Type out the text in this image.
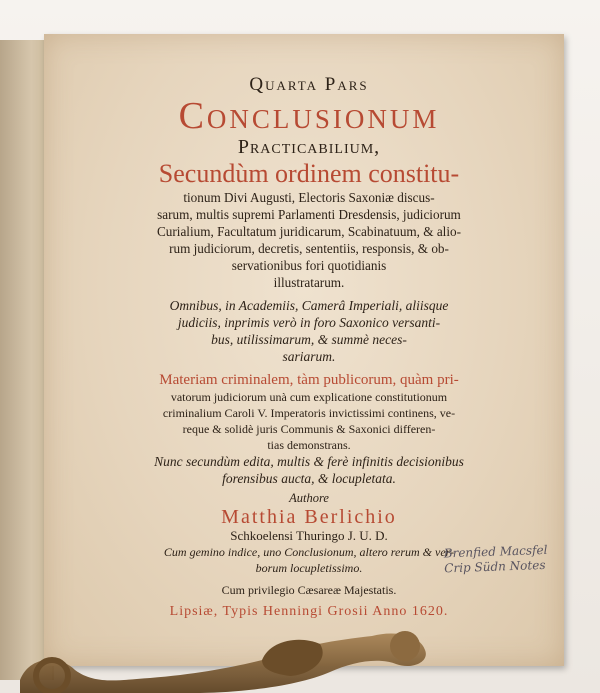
Quarta Pars
Conclusionum
Practicabilium,
Secundùm ordinem constitu-
tionum Divi Augusti, Electoris Saxoniæ discus-
sarum, multis supremi Parlamenti Dresdensis, judiciorum
Curialium, Facultatum juridicarum, Scabinatuum, & alio-
rum judiciorum, decretis, sententiis, responsis, & ob-
servationibus fori quotidianis
illustratarum.
Omnibus, in Academiis, Camerâ Imperiali, aliisque
judiciis, inprimis verò in foro Saxonico versanti-
bus, utilissimarum, & summè neces-
sariarum.
Materiam criminalem, tàm publicorum, quàm pri-
vatorum judiciorum unà cum explicatione constitutionum
criminalium Caroli V. Imperatoris invictissimi continens, ve-
reque & solidè juris Communis & Saxonici differen-
tias demonstrans.
Nunc secundùm edita, multis & ferè infinitis decisionibus
forensibus aucta, & locupletata.
Authore
Matthia Berlichio
Schkoelensi Thuringo J. U. D.
Cum gemino indice, uno Conclusionum, altero rerum & ver-
borum locupletissimo.
Cum privilegio Cæsareæ Majestatis.
Lipsiæ, Typis Henningi Grosii Anno 1620.
Brenfied Macsfel
Crip Südn Notes
